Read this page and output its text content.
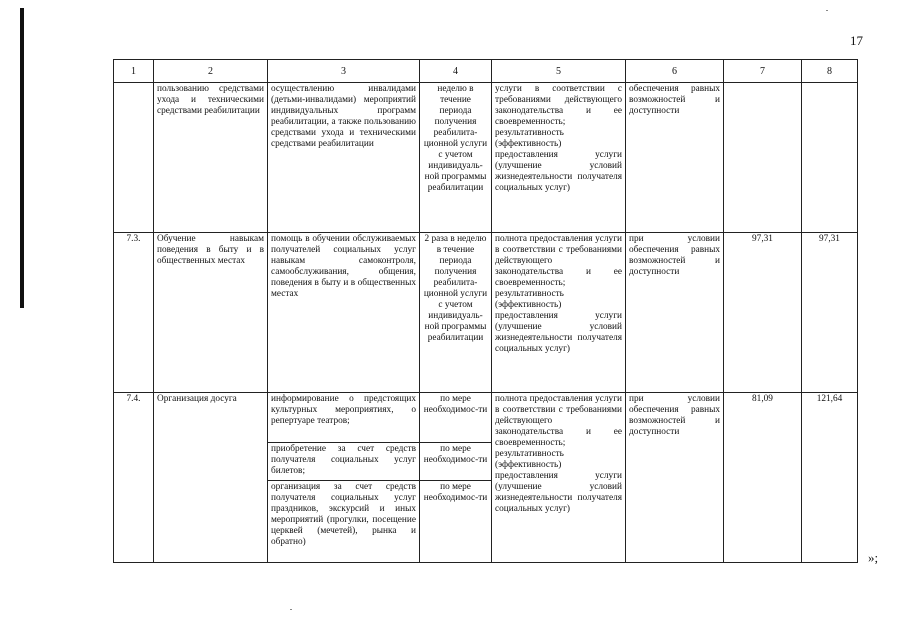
17
1	2	3	4	5	6	7	8
	пользованию средствами ухода и техническими средствами реабилитации	осуществлению инвалидами (детьми-инвалидами) мероприятий индивидуальных программ реабилитации, а также пользованию средствами ухода и техническими средствами реабилитации	неделю в течение периода получения реабилита-ционной услуги с учетом индивидуаль-ной программы реабилитации	услуги в соответствии с требованиями действующего законодательства и ее своевременность; результативность (эффективность) предоставления услуги (улучшение условий жизнедеятельности получателя социальных услуг)	обеспечения равных возможностей и доступности		
7.3.	Обучение навыкам поведения в быту и в общественных местах	помощь в обучении обслуживаемых получателей социальных услуг навыкам самоконтроля, самообслуживания, общения, поведения в быту и в общественных местах	2 раза в неделю в течение периода получения реабилита-ционной услуги с учетом индивидуаль-ной программы реабилитации	полнота предоставления услуги в соответствии с требованиями действующего законодательства и ее своевременность; результативность (эффективность) предоставления услуги (улучшение условий жизнедеятельности получателя социальных услуг)	при условии обеспечения равных возможностей и доступности	97,31	97,31
7.4.	Организация досуга	информирование о предстоящих культурных мероприятиях, о репертуаре театров;	по мере необходимос-ти	полнота предоставления услуги в соответствии с требованиями действующего законодательства и ее своевременность; результативность (эффективность) предоставления услуги (улучшение условий жизнедеятельности получателя социальных услуг)	при условии обеспечения равных возможностей и доступности	81,09	121,64
		приобретение за счет средств получателя социальных услуг билетов;	по мере необходимос-ти				
		организация за счет средств получателя социальных услуг праздников, экскурсий и иных мероприятий (прогулки, посещение церквей (мечетей), рынка и обратно)	по мере необходимос-ти				
»;
